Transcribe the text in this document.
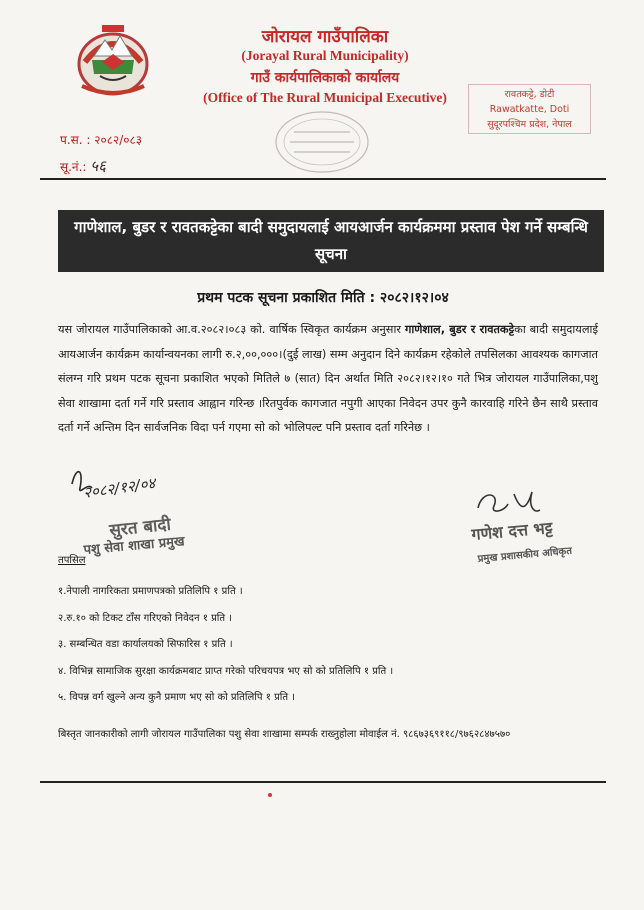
जोरायल गाउँपालिका
(Jorayal Rural Municipality)
गाउँ कार्यपालिकाको कार्यालय
(Office of The Rural Municipal Executive)	रावतकट्टे, डोटी
Rawatkatte, Doti
सुदूरपश्चिम प्रदेश, नेपाल
प.स. : २०८२/०८३
सू.नं.: ५६
गाणेशाल, बुडर र रावतकट्टेका बादी समुदायलाई आयआर्जन कार्यक्रममा प्रस्ताव पेश गर्ने सम्बन्धि सूचना
प्रथम पटक सूचना प्रकाशित मिति : २०८२।१२।०४
यस जोरायल गाउँपालिकाको आ.व.२०८२।०८३ को. वार्षिक स्विकृत कार्यक्रम अनुसार गाणेशाल, बुडर र रावतकट्टेका बादी समुदायलाई आयआर्जन कार्यक्रम कार्यान्वयनका लागी रु.२,००,०००।(दुई लाख) सम्म अनुदान दिने कार्यक्रम रहेकोले तपसिलका आवश्यक कागजात संलग्न गरि प्रथम पटक सूचना प्रकाशित भएको मितिले ७ (सात) दिन अर्थात मिति २०८२।१२।१० गते भित्र जोरायल गाउँपालिका,पशु सेवा शाखामा दर्ता गर्ने गरि प्रस्ताव आह्वान गरिन्छ ।रितपुर्वक कागजात नपुगी आएका निवेदन उपर कुनै कारवाहि गरिने छैन साथै प्रस्ताव दर्ता गर्ने अन्तिम दिन सार्वजनिक विदा पर्न गएमा सो को भोलिपल्ट पनि प्रस्ताव दर्ता गरिनेछ ।
२०८२/१२/०४
सुरत बादी
पशु सेवा शाखा प्रमुख
गणेश दत्त भट्ट
प्रमुख प्रशासकीय अधिकृत
तपसिल
१.नेपाली नागरिकता प्रमाणपत्रको प्रतिलिपि १ प्रति ।
२.रु.१० को टिकट टाँस गरिएको निवेदन १ प्रति ।
३. सम्बन्धित वडा कार्यालयको सिफारिस १ प्रति ।
४. विभिन्न सामाजिक सुरक्षा कार्यक्रमबाट प्राप्त गरेको परिचयपत्र भए सो को प्रतिलिपि १ प्रति ।
५. विपन्न वर्ग खुल्ने अन्य कुनै प्रमाण भए सो को प्रतिलिपि १ प्रति ।
बिस्तृत जानकारीको लागी जोरायल गाउँपालिका पशु सेवा शाखामा सम्पर्क राख्नुहोला मोवाईल नं. ९८६७३६९११८/९७६२८४७५७०
